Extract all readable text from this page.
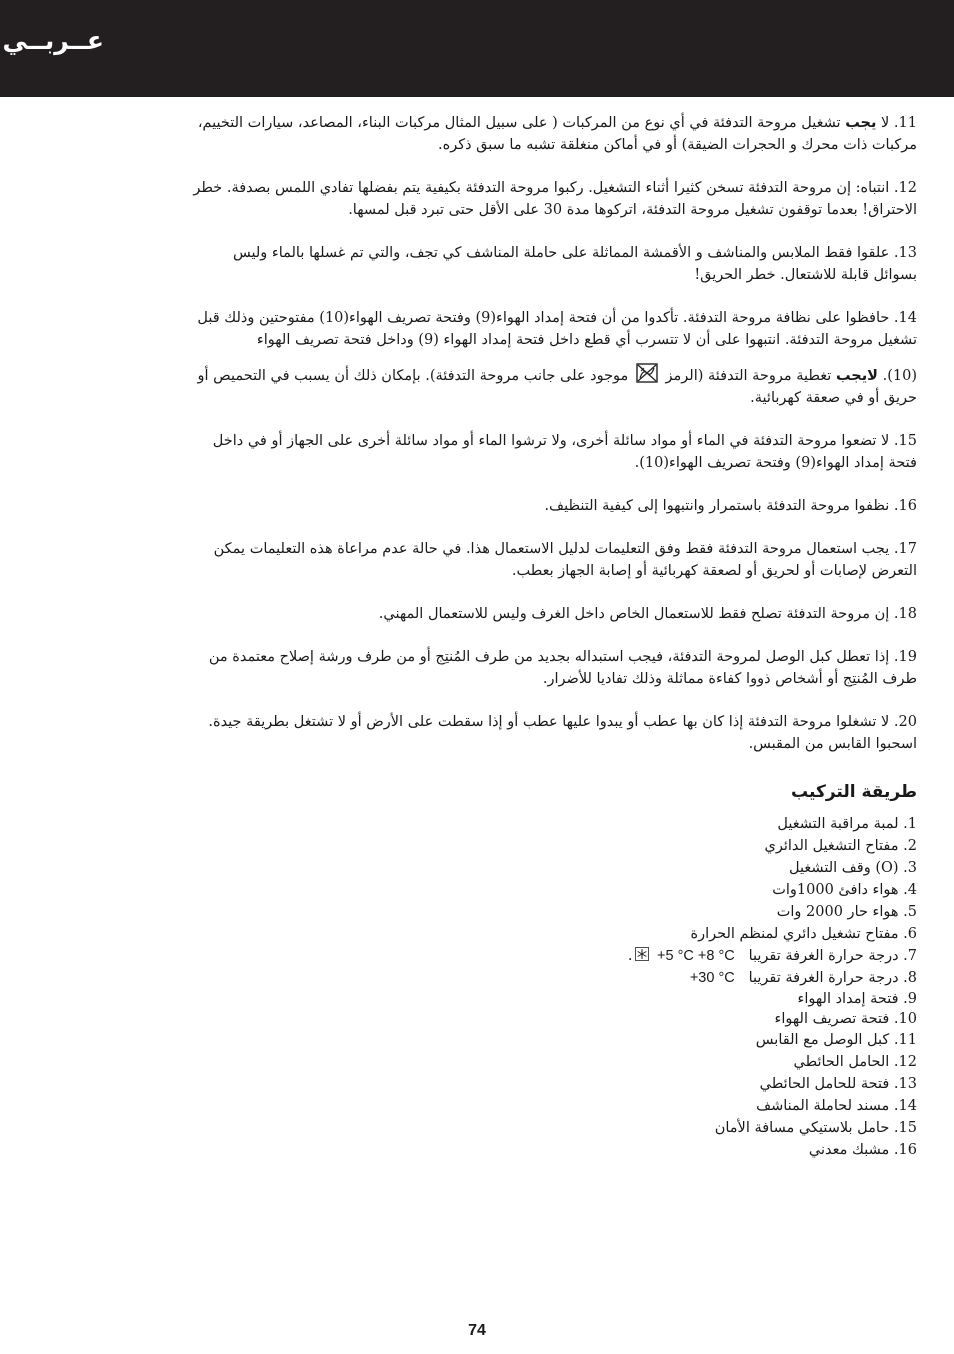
عــربــي

11. لا يجب تشغيل مروحة التدفئة في أي نوع من المركبات ( على سبيل المثال مركبات البناء، المصاعد، سيارات التخييم، مركبات ذات محرك و الحجرات الضيقة) أو في أماكن منغلقة تشبه ما سبق ذكره.

12. انتباه: إن مروحة التدفئة تسخن كثيرا أثناء التشغيل. ركبوا مروحة التدفئة بكيفية يتم بفضلها تفادي اللمس بصدفة. خطر الاحتراق! بعدما توقفون تشغيل مروحة التدفئة، اتركوها مدة 30 على الأقل حتى تبرد قبل لمسها.

13. علقوا فقط الملابس والمناشف و الأقمشة المماثلة على حاملة المناشف كي تجف، والتي تم غسلها بالماء وليس بسوائل قابلة للاشتعال. خطر الحريق!

14. حافظوا على نظافة مروحة التدفئة. تأكدوا من أن فتحة إمداد الهواء(9) وفتحة تصريف الهواء(10) مفتوحتين وذلك قبل تشغيل مروحة التدفئة. انتبهوا على أن لا تتسرب أي قطع داخل فتحة إمداد الهواء (9) وداخل فتحة تصريف الهواء

(10). لايجب تغطية مروحة التدفئة (الرمز  موجود على جانب مروحة التدفئة). بإمكان ذلك أن يسبب في التحميص أو حريق أو في صعقة كهربائية.

15. لا تضعوا مروحة التدفئة في الماء أو مواد سائلة أخرى، ولا ترشوا الماء أو مواد سائلة أخرى على الجهاز أو في داخل فتحة إمداد الهواء(9) وفتحة تصريف الهواء(10).

16. نظفوا مروحة التدفئة باستمرار وانتبهوا إلى كيفية التنظيف.

17. يجب استعمال مروحة التدفئة فقط وفق التعليمات لدليل الاستعمال هذا. في حالة عدم مراعاة هذه التعليمات يمكن التعرض لإصابات أو لحريق أو لصعقة كهربائية أو إصابة الجهاز بعطب.

18. إن مروحة التدفئة تصلح فقط للاستعمال الخاص داخل الغرف وليس للاستعمال المهني.

19. إذا تعطل كبل الوصل لمروحة التدفئة، فيجب استبداله بجديد من طرف المُنتِج أو من طرف ورشة إصلاح معتمدة من طرف المُنتِج أو أشخاص ذووا كفاءة مماثلة وذلك تفاديا للأضرار.

20. لا تشغلوا مروحة التدفئة إذا كان بها عطب أو يبدوا عليها عطب أو إذا سقطت على الأرض أو لا تشتغل بطريقة جيدة. اسحبوا القابس من المقبس.

طريقة التركيب
1. لمبة مراقبة التشغيل
2. مفتاح التشغيل الدائري
3. (O) وقف التشغيل
4. هواء دافئ 1000وات
5. هواء حار 2000 وات
6. مفتاح تشغيل دائري لمنظم الحرارة
7. درجة حرارة الغرفة تقريبا   +5 °C +8 °C .
8. درجة حرارة الغرفة تقريبا   +30 °C
9. فتحة إمداد الهواء
10. فتحة تصريف الهواء
11. كبل الوصل مع القابس
12. الحامل الحائطي
13. فتحة للحامل الحائطي
14. مسند لحاملة المناشف
15. حامل بلاستيكي مسافة الأمان
16. مشبك معدني
74
